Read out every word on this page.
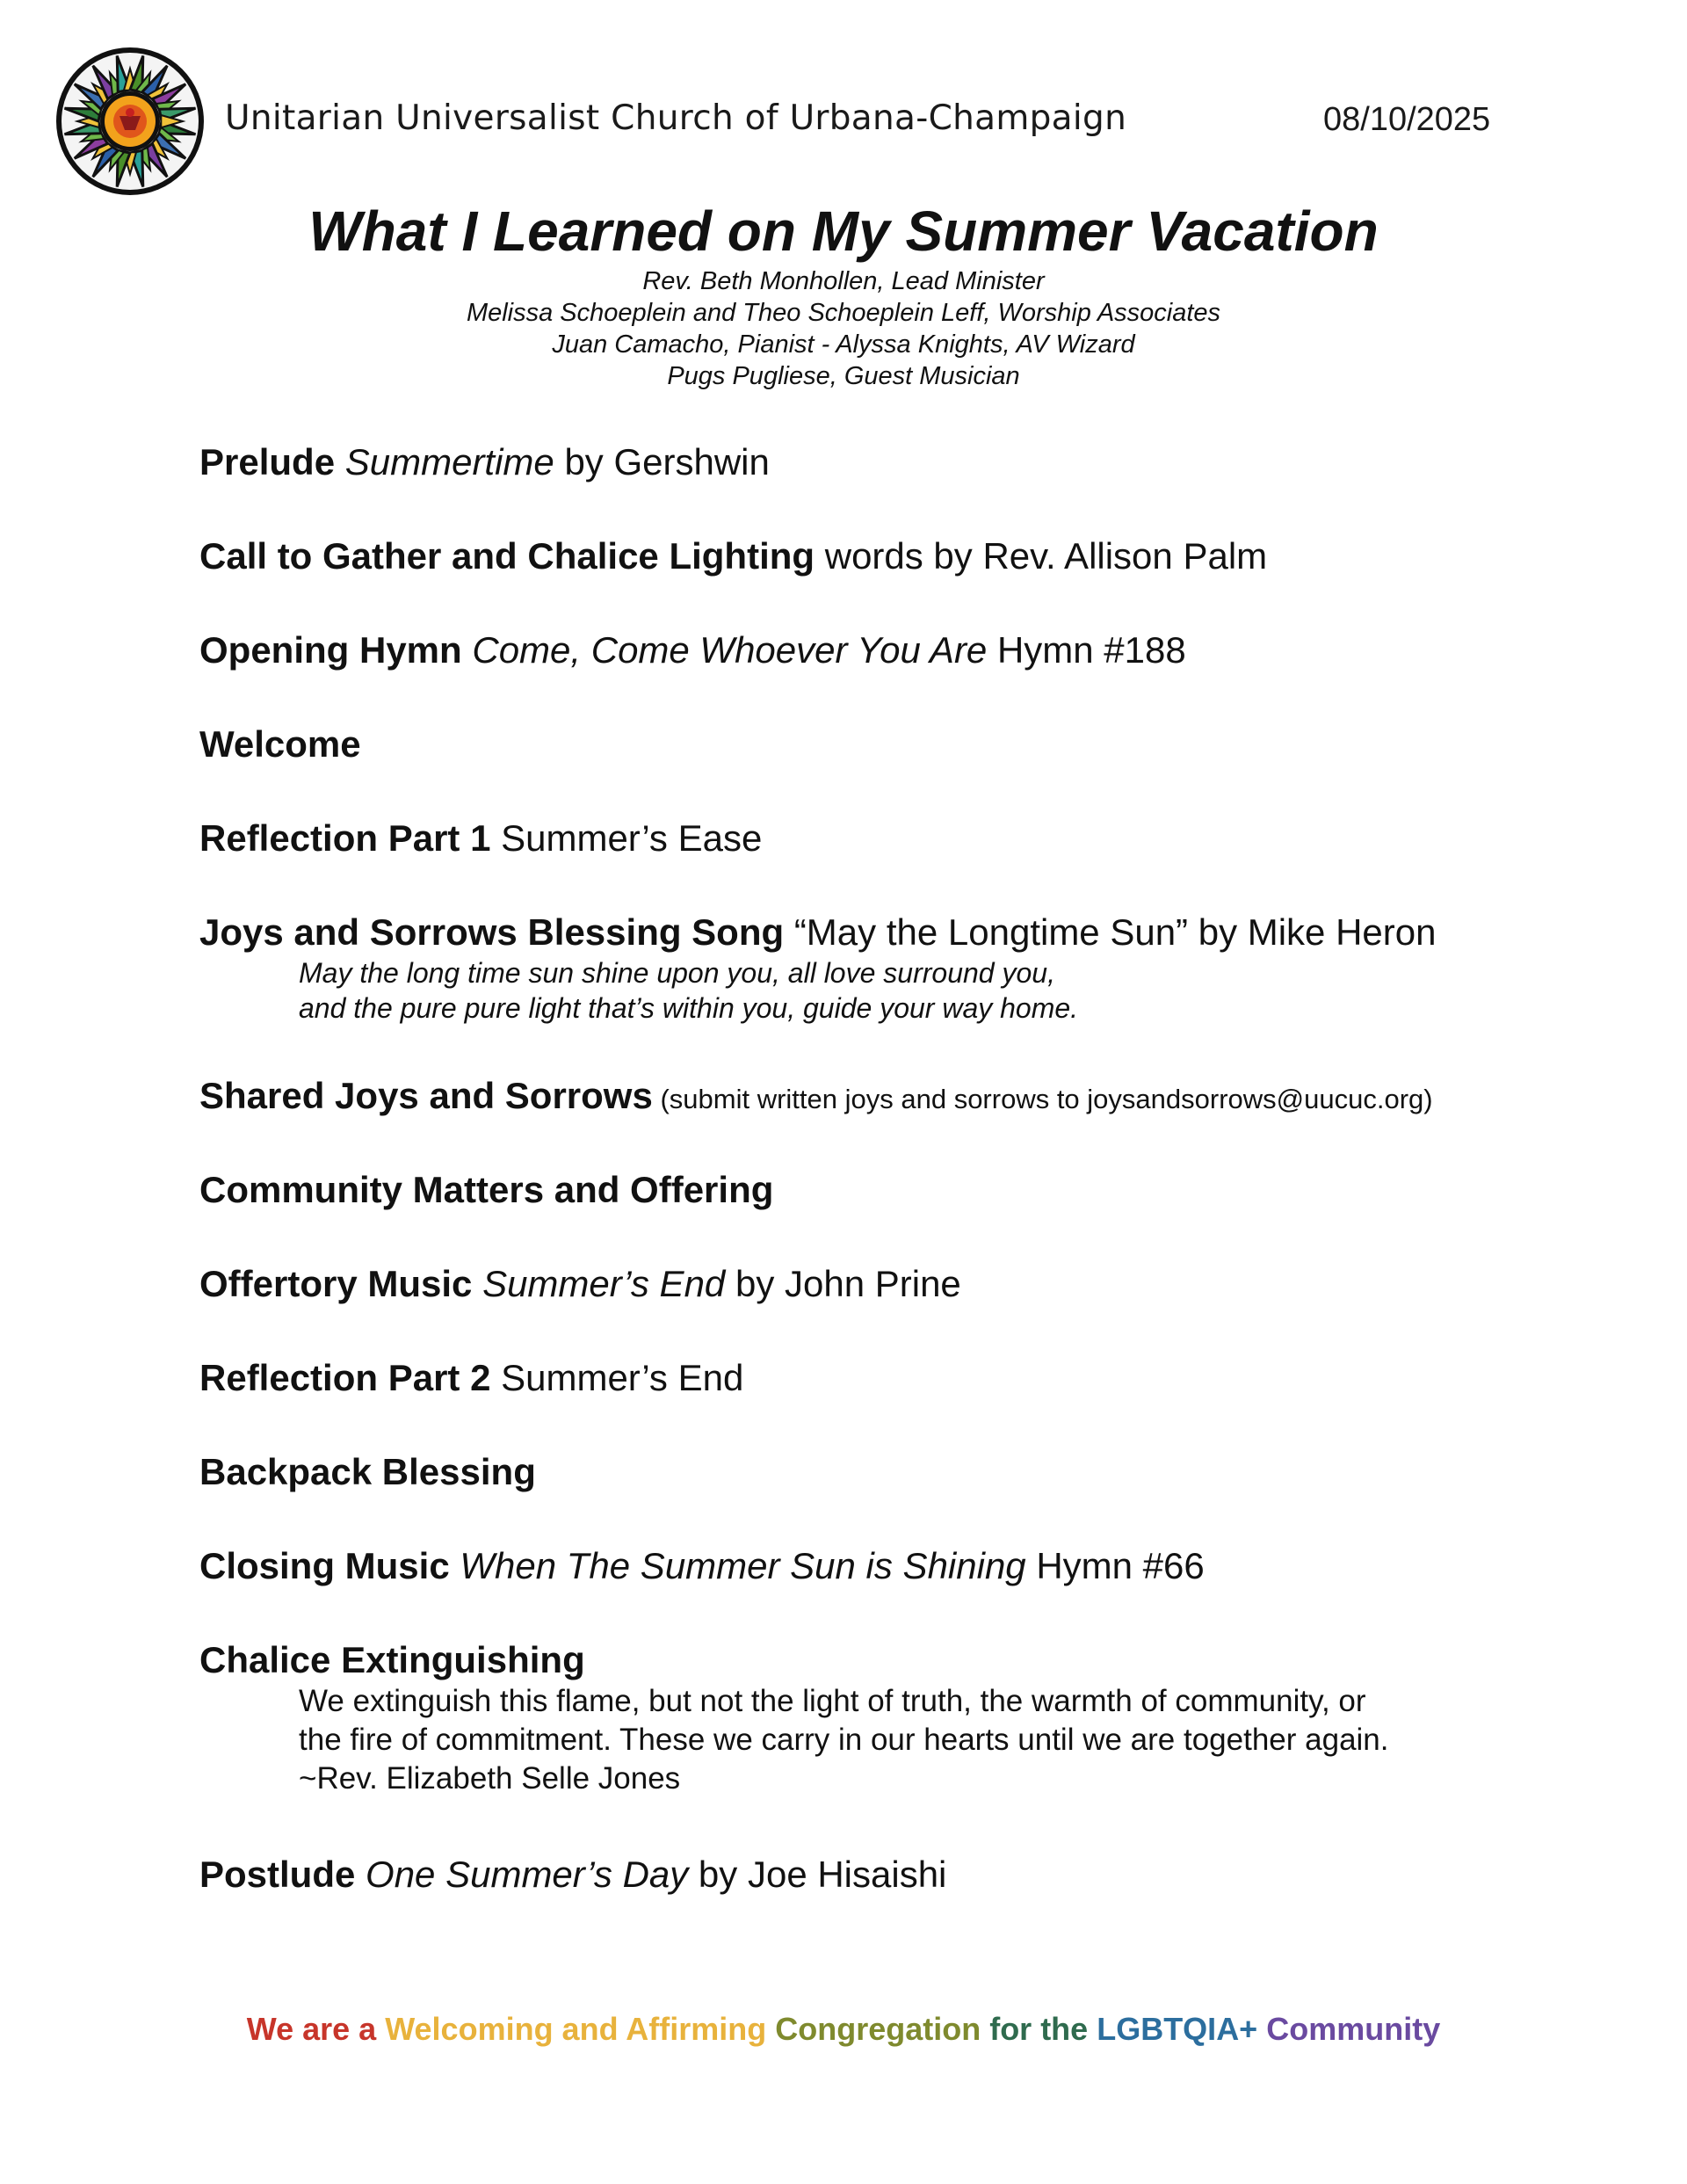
Unitarian Universalist Church of Urbana-Champaign	08/10/2025
What I Learned on My Summer Vacation
Rev. Beth Monhollen, Lead Minister
Melissa Schoeplein and Theo Schoeplein Leff, Worship Associates
Juan Camacho, Pianist - Alyssa Knights, AV Wizard
Pugs Pugliese, Guest Musician
Prelude Summertime by Gershwin
Call to Gather and Chalice Lighting words by Rev. Allison Palm
Opening Hymn Come, Come Whoever You Are Hymn #188
Welcome
Reflection Part 1 Summer’s Ease
Joys and Sorrows Blessing Song “May the Longtime Sun” by Mike Heron
May the long time sun shine upon you, all love surround you,
and the pure pure light that’s within you, guide your way home.
Shared Joys and Sorrows (submit written joys and sorrows to joysandsorrows@uucuc.org)
Community Matters and Offering
Offertory Music Summer’s End by John Prine
Reflection Part 2 Summer’s End
Backpack Blessing
Closing Music When The Summer Sun is Shining Hymn #66
Chalice Extinguishing
We extinguish this flame, but not the light of truth, the warmth of community, or
the fire of commitment. These we carry in our hearts until we are together again.
~Rev. Elizabeth Selle Jones
Postlude One Summer’s Day by Joe Hisaishi
We are a Welcoming and Affirming Congregation for the LGBTQIA+ Community
